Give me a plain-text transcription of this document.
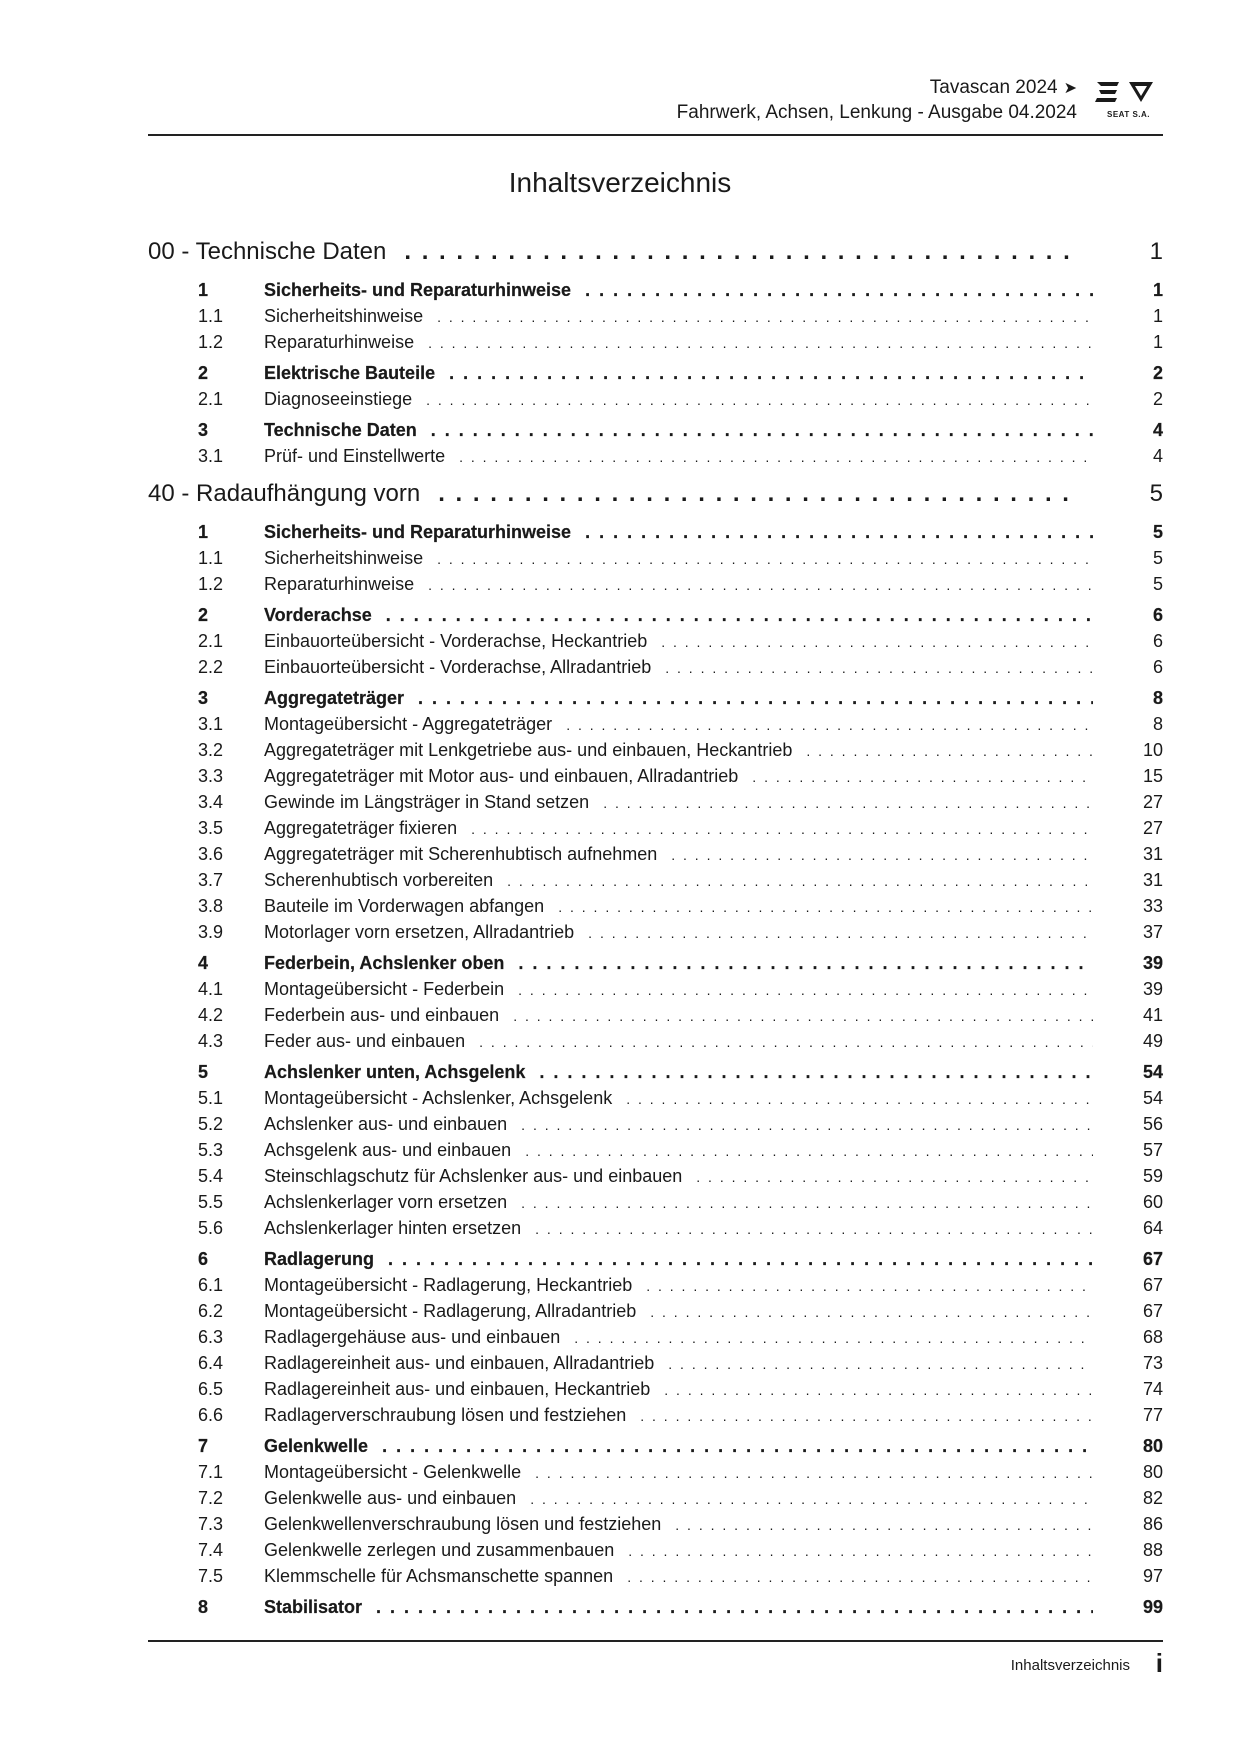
Tavascan 2024 ➤
Fahrwerk, Achsen, Lenkung - Ausgabe 04.2024	SEAT S.A.
Inhaltsverzeichnis
00 - Technische Daten . . .	1
1	Sicherheits- und Reparaturhinweise . . .	1
1.1	Sicherheitshinweise . . .	1
1.2	Reparaturhinweise . . .	1
2	Elektrische Bauteile . . .	2
2.1	Diagnoseeinstiege . . .	2
3	Technische Daten . . .	4
3.1	Prüf- und Einstellwerte . . .	4
40 - Radaufhängung vorn . . .	5
1	Sicherheits- und Reparaturhinweise . . .	5
1.1	Sicherheitshinweise . . .	5
1.2	Reparaturhinweise . . .	5
2	Vorderachse . . .	6
2.1	Einbauorteübersicht - Vorderachse, Heckantrieb . . .	6
2.2	Einbauorteübersicht - Vorderachse, Allradantrieb . . .	6
3	Aggregateträger . . .	8
3.1	Montageübersicht - Aggregateträger . . .	8
3.2	Aggregateträger mit Lenkgetriebe aus- und einbauen, Heckantrieb . . .	10
3.3	Aggregateträger mit Motor aus- und einbauen, Allradantrieb . . .	15
3.4	Gewinde im Längsträger in Stand setzen . . .	27
3.5	Aggregateträger fixieren . . .	27
3.6	Aggregateträger mit Scherenhubtisch aufnehmen . . .	31
3.7	Scherenhubtisch vorbereiten . . .	31
3.8	Bauteile im Vorderwagen abfangen . . .	33
3.9	Motorlager vorn ersetzen, Allradantrieb . . .	37
4	Federbein, Achslenker oben . . .	39
4.1	Montageübersicht - Federbein . . .	39
4.2	Federbein aus- und einbauen . . .	41
4.3	Feder aus- und einbauen . . .	49
5	Achslenker unten, Achsgelenk . . .	54
5.1	Montageübersicht - Achslenker, Achsgelenk . . .	54
5.2	Achslenker aus- und einbauen . . .	56
5.3	Achsgelenk aus- und einbauen . . .	57
5.4	Steinschlagschutz für Achslenker aus- und einbauen . . .	59
5.5	Achslenkerlager vorn ersetzen . . .	60
5.6	Achslenkerlager hinten ersetzen . . .	64
6	Radlagerung . . .	67
6.1	Montageübersicht - Radlagerung, Heckantrieb . . .	67
6.2	Montageübersicht - Radlagerung, Allradantrieb . . .	67
6.3	Radlagergehäuse aus- und einbauen . . .	68
6.4	Radlagereinheit aus- und einbauen, Allradantrieb . . .	73
6.5	Radlagereinheit aus- und einbauen, Heckantrieb . . .	74
6.6	Radlagerverschraubung lösen und festziehen . . .	77
7	Gelenkwelle . . .	80
7.1	Montageübersicht - Gelenkwelle . . .	80
7.2	Gelenkwelle aus- und einbauen . . .	82
7.3	Gelenkwellenverschraubung lösen und festziehen . . .	86
7.4	Gelenkwelle zerlegen und zusammenbauen . . .	88
7.5	Klemmschelle für Achsmanschette spannen . . .	97
8	Stabilisator . . .	99
Inhaltsverzeichnis i
